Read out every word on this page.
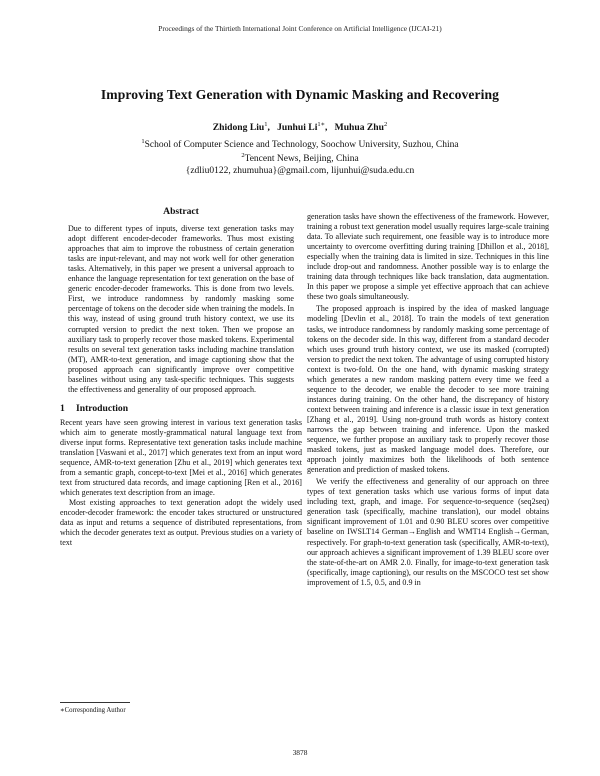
Proceedings of the Thirtieth International Joint Conference on Artificial Intelligence (IJCAI-21)
Improving Text Generation with Dynamic Masking and Recovering
Zhidong Liu$^1$, Junhui $Li^{1∗}$, Muhua Zhu$^2$
$^1$School of Computer Science and Technology, Soochow University, Suzhou, China
$^2$Tencent News, Beijing, China
{zdliu0122, zhumuhua}@gmail.com, lijunhui@suda.edu.cn
Abstract
Due to different types of inputs, diverse text generation tasks may adopt different encoder-decoder frameworks. Thus most existing approaches that aim to improve the robustness of certain generation tasks are input-relevant, and may not work well for other generation tasks. Alternatively, in this paper we present a universal approach to enhance the language representation for text generation on the base of generic encoder-decoder frameworks. This is done from two levels. First, we introduce randomness by randomly masking some percentage of tokens on the decoder side when training the models. In this way, instead of using ground truth history context, we use its corrupted version to predict the next token. Then we propose an auxiliary task to properly recover those masked tokens. Experimental results on several text generation tasks including machine translation (MT), AMR-to-text generation, and image captioning show that the proposed approach can significantly improve over competitive baselines without using any task-specific techniques. This suggests the effectiveness and generality of our proposed approach.
1 Introduction

Recent years have seen growing interest in various text generation tasks which aim to generate mostly-grammatical natural language text from diverse input forms. Representative text generation tasks include machine translation [Vaswani et al., 2017] which generates text from an input word sequence, AMR-to-text generation [Zhu et al., 2019] which generates text from a semantic graph, concept-to-text [Mei et al., 2016] which generates text from structured data records, and image captioning [Ren et al., 2016] which generates text description from an image.

Most existing approaches to text generation adopt the widely used encoder-decoder framework: the encoder takes structured or unstructured data as input and returns a sequence of distributed representations, from which the decoder generates text as output. Previous studies on a variety of text

generation tasks have shown the effectiveness of the framework. However, training a robust text generation model usually requires large-scale training data. To alleviate such requirement, one feasible way is to introduce more uncertainty to overcome overfitting during training [Dhillon et al., 2018], especially when the training data is limited in size. Techniques in this line include drop-out and randomness. Another possible way is to enlarge the training data through techniques like back translation, data augmentation. In this paper we propose a simple yet effective approach that can achieve these two goals simultaneously.

The proposed approach is inspired by the idea of masked language modeling [Devlin et al., 2018]. To train the models of text generation tasks, we introduce randomness by randomly masking some percentage of tokens on the decoder side. In this way, different from a standard decoder which uses ground truth history context, we use its masked (corrupted) version to predict the next token. The advantage of using corrupted history context is two-fold. On the one hand, with dynamic masking strategy which generates a new random masking pattern every time we feed a sequence to the decoder, we enable the decoder to see more training instances during training. On the other hand, the discrepancy of history context between training and inference is a classic issue in text generation [Zhang et al., 2019]. Using non-ground truth words as history context narrows the gap between training and inference. Upon the masked sequence, we further propose an auxiliary task to properly recover those masked tokens, just as masked language model does. Therefore, our approach jointly maximizes both the likelihoods of both sentence generation and prediction of masked tokens.

We verify the effectiveness and generality of our approach on three types of text generation tasks which use various forms of input data including text, graph, and image. For sequence-to-sequence (seq2seq) generation task (specifically, machine translation), our model obtains significant improvement of 1.01 and 0.90 BLEU scores over competitive baseline on IWSLT14 German→English and WMT14 English→German, respectively. For graph-to-text generation task (specifically, AMR-to-text), our approach achieves a significant improvement of 1.39 BLEU score over the state-of-the-art on AMR 2.0. Finally, for image-to-text generation task (specifically, image captioning), our results on the MSCOCO test set show improvement of 1.5, 0.5, and 0.9 in

∗Corresponding Author
3878
